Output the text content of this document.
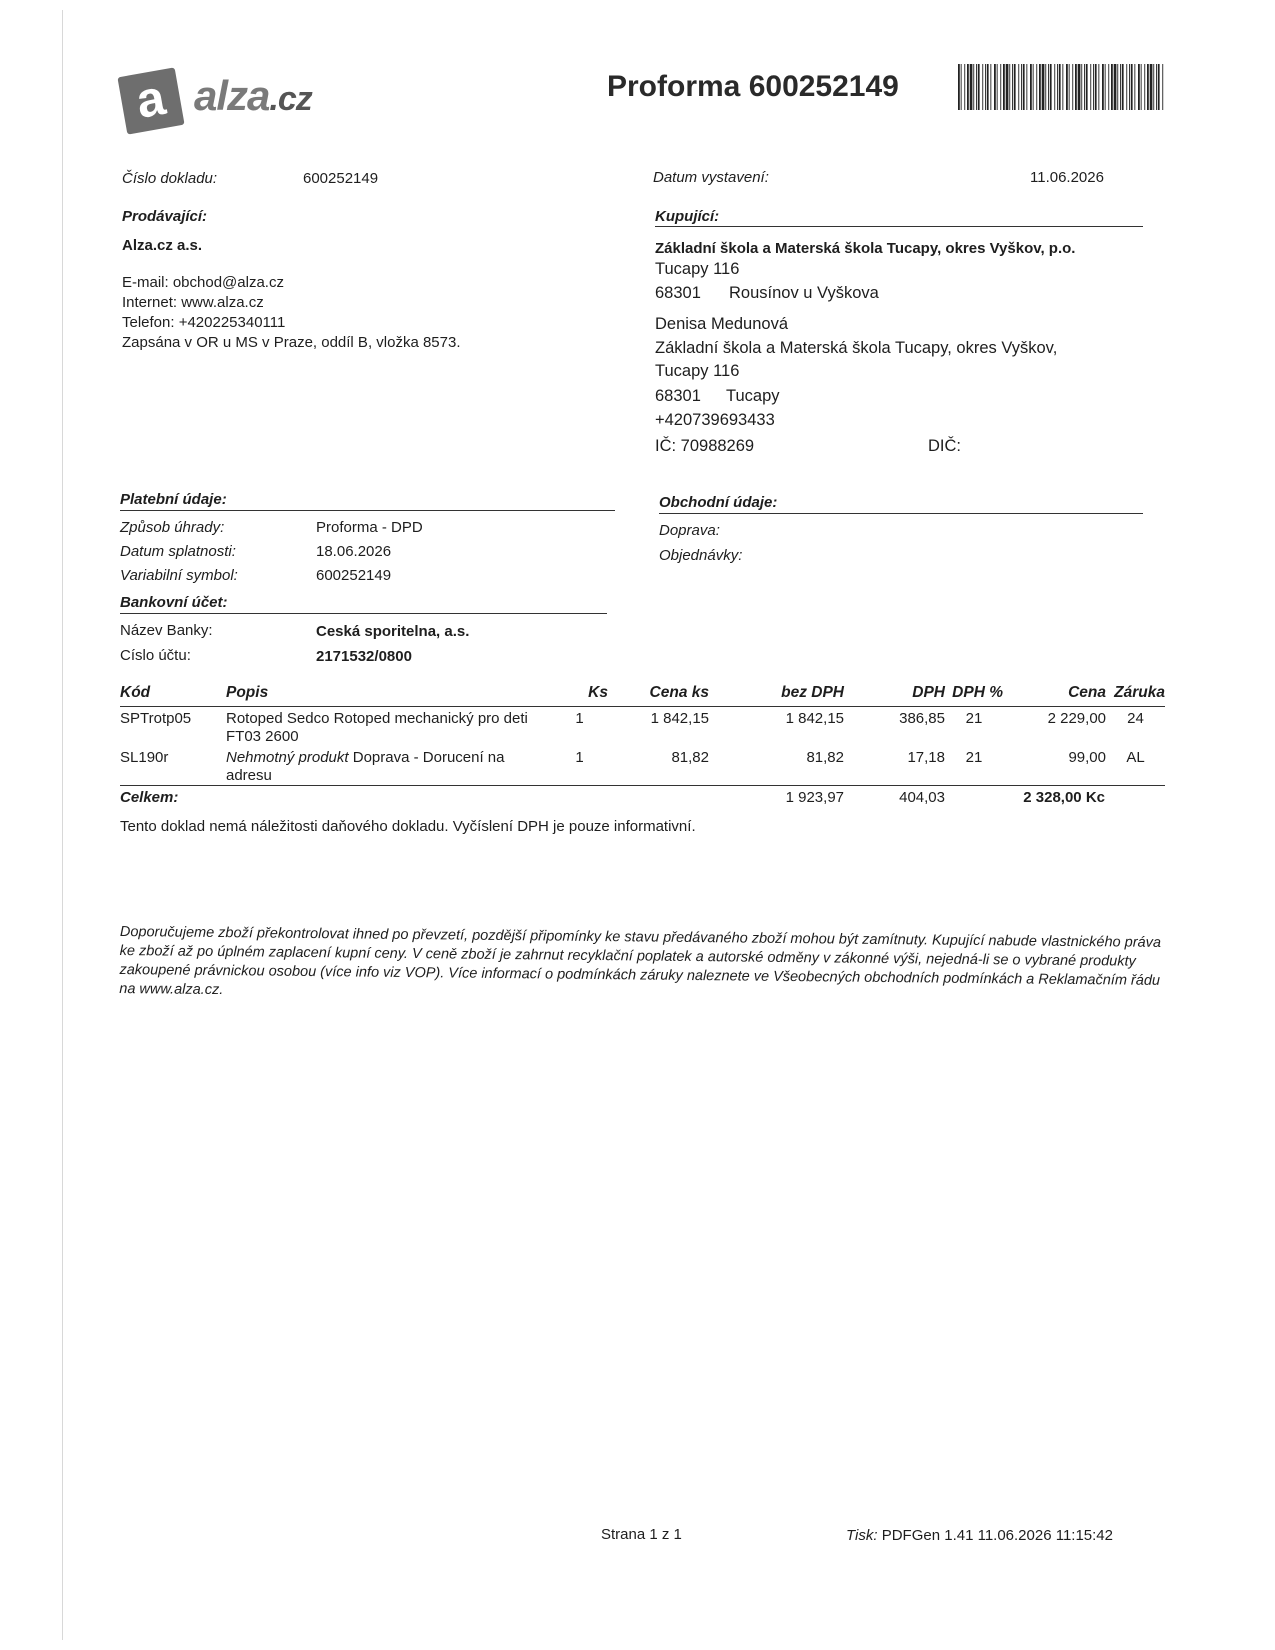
a alza.cz	Proforma 600252149
Číslo dokladu:	600252149	Datum vystavení:	11.06.2026
Prodávající:
Alza.cz a.s.
E-mail: obchod@alza.cz
Internet: www.alza.cz
Telefon: +420225340111
Zapsána v OR u MS v Praze, oddíl B, vložka 8573.
Kupující:
Základní škola a Materská škola Tucapy, okres Vyškov, p.o.
Tucapy 116
68301 Rousínov u Vyškova
Denisa Medunová
Základní škola a Materská škola Tucapy, okres Vyškov,
Tucapy 116
68301 Tucapy
+420739693433
IČ: 70988269	DIČ:
Platební údaje:
Způsob úhrady:	Proforma - DPD
Datum splatnosti:	18.06.2026
Variabilní symbol:	600252149
Bankovní účet:
Název Banky:	Ceská sporitelna, a.s.
Císlo účtu:	2171532/0800
Obchodní údaje:
Doprava:
Objednávky:
Kód	Popis	Ks	Cena ks	bez DPH	DPH	DPH %	Cena	Záruka
SPTrotp05	Rotoped Sedco Rotoped mechanický pro deti FT03 2600	1	1 842,15	1 842,15	386,85	21	2 229,00	24
SL190r	Nehmotný produkt Doprava - Dorucení na adresu	1	81,82	81,82	17,18	21	99,00	AL
Celkem:				1 923,97	404,03		2 328,00 Kc	
Tento doklad nemá náležitosti daňového dokladu. Vyčíslení DPH je pouze informativní.
Doporučujeme zboží překontrolovat ihned po převzetí, pozdější připomínky ke stavu předávaného zboží mohou být zamítnuty. Kupující nabude vlastnického práva ke zboží až po úplném zaplacení kupní ceny. V ceně zboží je zahrnut recyklační poplatek a autorské odměny v zákonné výši, nejedná-li se o vybrané produkty zakoupené právnickou osobou (více info viz VOP). Více informací o podmínkách záruky naleznete ve Všeobecných obchodních podmínkách a Reklamačním řádu na www.alza.cz.
Strana 1 z 1	Tisk: PDFGen 1.41 11.06.2026 11:15:42
